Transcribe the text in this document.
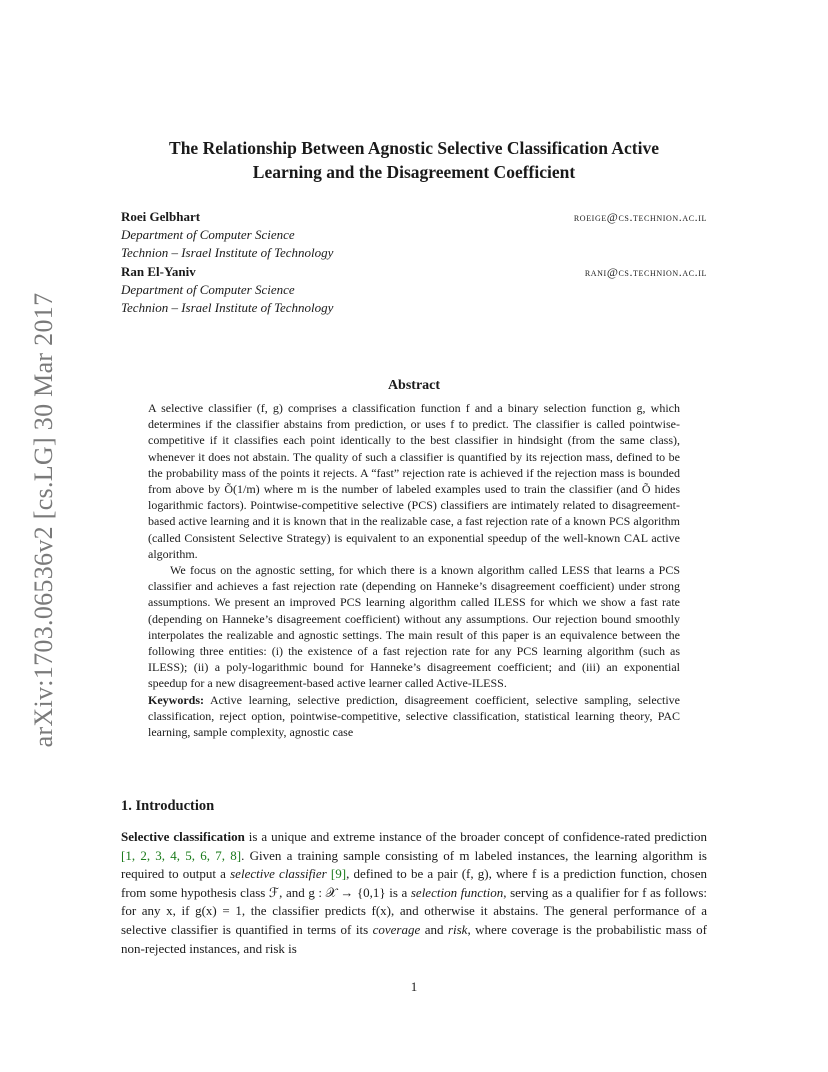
arXiv:1703.06536v2 [cs.LG] 30 Mar 2017
The Relationship Between Agnostic Selective Classification Active
Learning and the Disagreement Coefficient
Roei Gelbhart	roeige@cs.technion.ac.il
Department of Computer Science
Technion – Israel Institute of Technology
Ran El-Yaniv	rani@cs.technion.ac.il
Department of Computer Science
Technion – Israel Institute of Technology
Abstract

A selective classifier (f, g) comprises a classification function f and a binary selection function g, which determines if the classifier abstains from prediction, or uses f to predict. The classifier is called pointwise-competitive if it classifies each point identically to the best classifier in hindsight (from the same class), whenever it does not abstain. The quality of such a classifier is quantified by its rejection mass, defined to be the probability mass of the points it rejects. A “fast” rejection rate is achieved if the rejection mass is bounded from above by Õ(1/m) where m is the number of labeled examples used to train the classifier (and Õ hides logarithmic factors). Pointwise-competitive selective (PCS) classifiers are intimately related to disagreement-based active learning and it is known that in the realizable case, a fast rejection rate of a known PCS algorithm (called Consistent Selective Strategy) is equivalent to an exponential speedup of the well-known CAL active algorithm.

We focus on the agnostic setting, for which there is a known algorithm called LESS that learns a PCS classifier and achieves a fast rejection rate (depending on Hanneke’s disagreement coefficient) under strong assumptions. We present an improved PCS learning algorithm called ILESS for which we show a fast rate (depending on Hanneke’s disagreement coefficient) without any assumptions. Our rejection bound smoothly interpolates the realizable and agnostic settings. The main result of this paper is an equivalence between the following three entities: (i) the existence of a fast rejection rate for any PCS learning algorithm (such as ILESS); (ii) a poly-logarithmic bound for Hanneke’s disagreement coefficient; and (iii) an exponential speedup for a new disagreement-based active learner called Active-ILESS.

Keywords: Active learning, selective prediction, disagreement coefficient, selective sampling, selective classification, reject option, pointwise-competitive, selective classification, statistical learning theory, PAC learning, sample complexity, agnostic case

1. Introduction

Selective classification is a unique and extreme instance of the broader concept of confidence-rated prediction [1, 2, 3, 4, 5, 6, 7, 8]. Given a training sample consisting of m labeled instances, the learning algorithm is required to output a selective classifier [9], defined to be a pair (f, g), where f is a prediction function, chosen from some hypothesis class ℱ, and g : 𝒳 → {0,1} is a selection function, serving as a qualifier for f as follows: for any x, if g(x) = 1, the classifier predicts f(x), and otherwise it abstains. The general performance of a selective classifier is quantified in terms of its coverage and risk, where coverage is the probabilistic mass of non-rejected instances, and risk is

1
